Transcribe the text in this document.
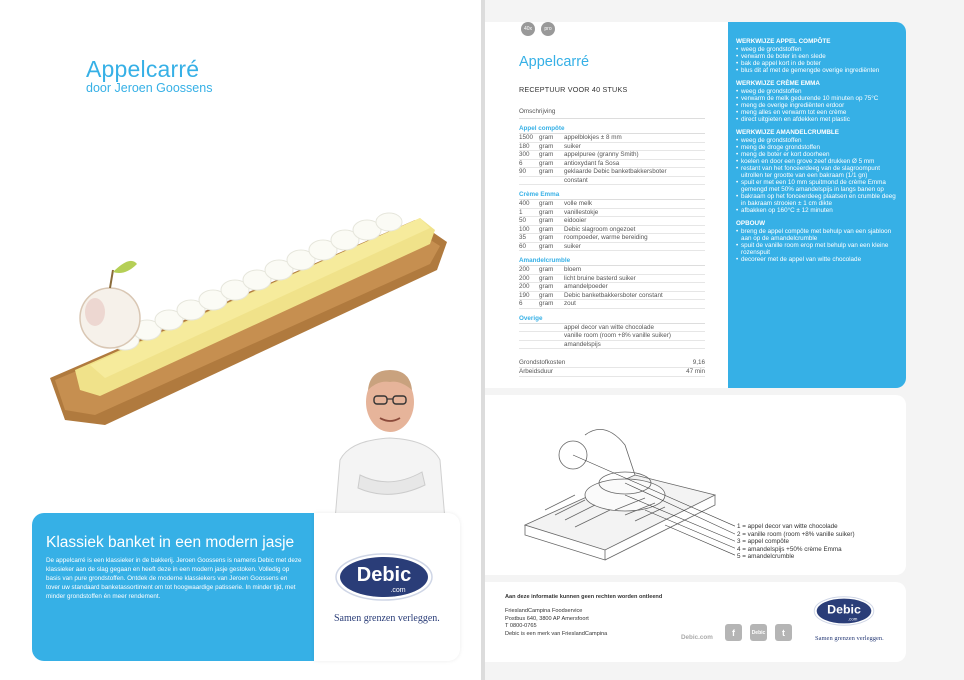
Appelcarré
door Jeroen Goossens
Klassiek banket in een modern jasje

De appelcarré is een klassieker in de bakkerij. Jeroen Goossens is namens Debic met deze klassieker aan de slag gegaan en heeft deze in een modern jasje gestoken. Volledig op basis van pure grondstoffen. Ontdek de moderne klassiekers van Jeroen Goossens en tover uw standaard banketassortiment om tot hoogwaardige patisserie. In minder tijd, met minder grondstoffen én meer rendement.

Debic
.com
Samen grenzen verleggen.
40x	pro
Appelcarré
RECEPTUUR VOOR 40 STUKS
Omschrijving
Appel compôte
1500 gram	appelblokjes ± 8 mm
180	gram	suiker
300	gram	appelpuree (granny Smith)
6	gram	antioxydant fa Sosa
90	gram	geklaarde Debic banketbakkersboter
constant
Crème Emma
400	gram	volle melk
1	gram	vanillestokje
50	gram	eidooier
100	gram	Debic slagroom ongezoet
35	gram	roompoeder, warme bereiding
60	gram	suiker
Amandelcrumble
200	gram	bloem
200	gram	licht bruine basterd suiker
200	gram	amandelpoeder
190	gram	Debic banketbakkersboter constant
6	gram	zout
Overige
appel decor van witte chocolade
vanille room (room +8% vanille suiker)
amandelspijs
Grondstofkosten	9,16
Arbeidsduur	47 min
WERKWIJZE APPEL COMPÔTE
• weeg de grondstoffen
• verwarm de boter in een slede
• bak de appel kort in de boter
• blus dit af met de gemengde overige ingrediënten
WERKWIJZE CRÈME EMMA
• weeg de grondstoffen
• verwarm de melk gedurende 10 minuten op 75°C
• meng de overige ingrediënten erdoor
• meng alles en verwarm tot een crème
• direct uitgieten en afdekken met plastic
WERKWIJZE AMANDELCRUMBLE
• weeg de grondstoffen
• meng de droge grondstoffen
• meng de boter er kort doorheen
• koelen en door een grove zeef drukken Ø 5 mm
• restant van het fonceerdeeg van de slagroompunt uitrollen ter grootte van een bakraam (1/1 gn)
• spuit er met een 10 mm spuitmond de crème Emma gemengd met 50% amandelspijs in langs banen op
• bakraam op het fonceerdeeg plaatsen en crumble deeg in bakraam strooien ± 1 cm dikte
• afbakken op 160°C ± 12 minuten
OPBOUW
• breng de appel compôte met behulp van een sjabloon aan op de amandelcrumble
• spuit de vanille room erop met behulp van een kleine rozenspuit
• decoreer met de appel van witte chocolade
1 = appel decor van witte chocolade
2 = vanille room (room +8% vanille suiker)
3 = appel compôte
4 = amandelspijs +50% crème Emma
5 = amandelcrumble
Aan deze informatie kunnen geen rechten worden ontleend
FrieslandCampina Foodservice
Postbus 640, 3800 AP Amersfoort
T 0800-0765
Debic is een merk van FrieslandCampina
Debic.com	f	Debic	t
Debic
.com
Samen grenzen verleggen.
